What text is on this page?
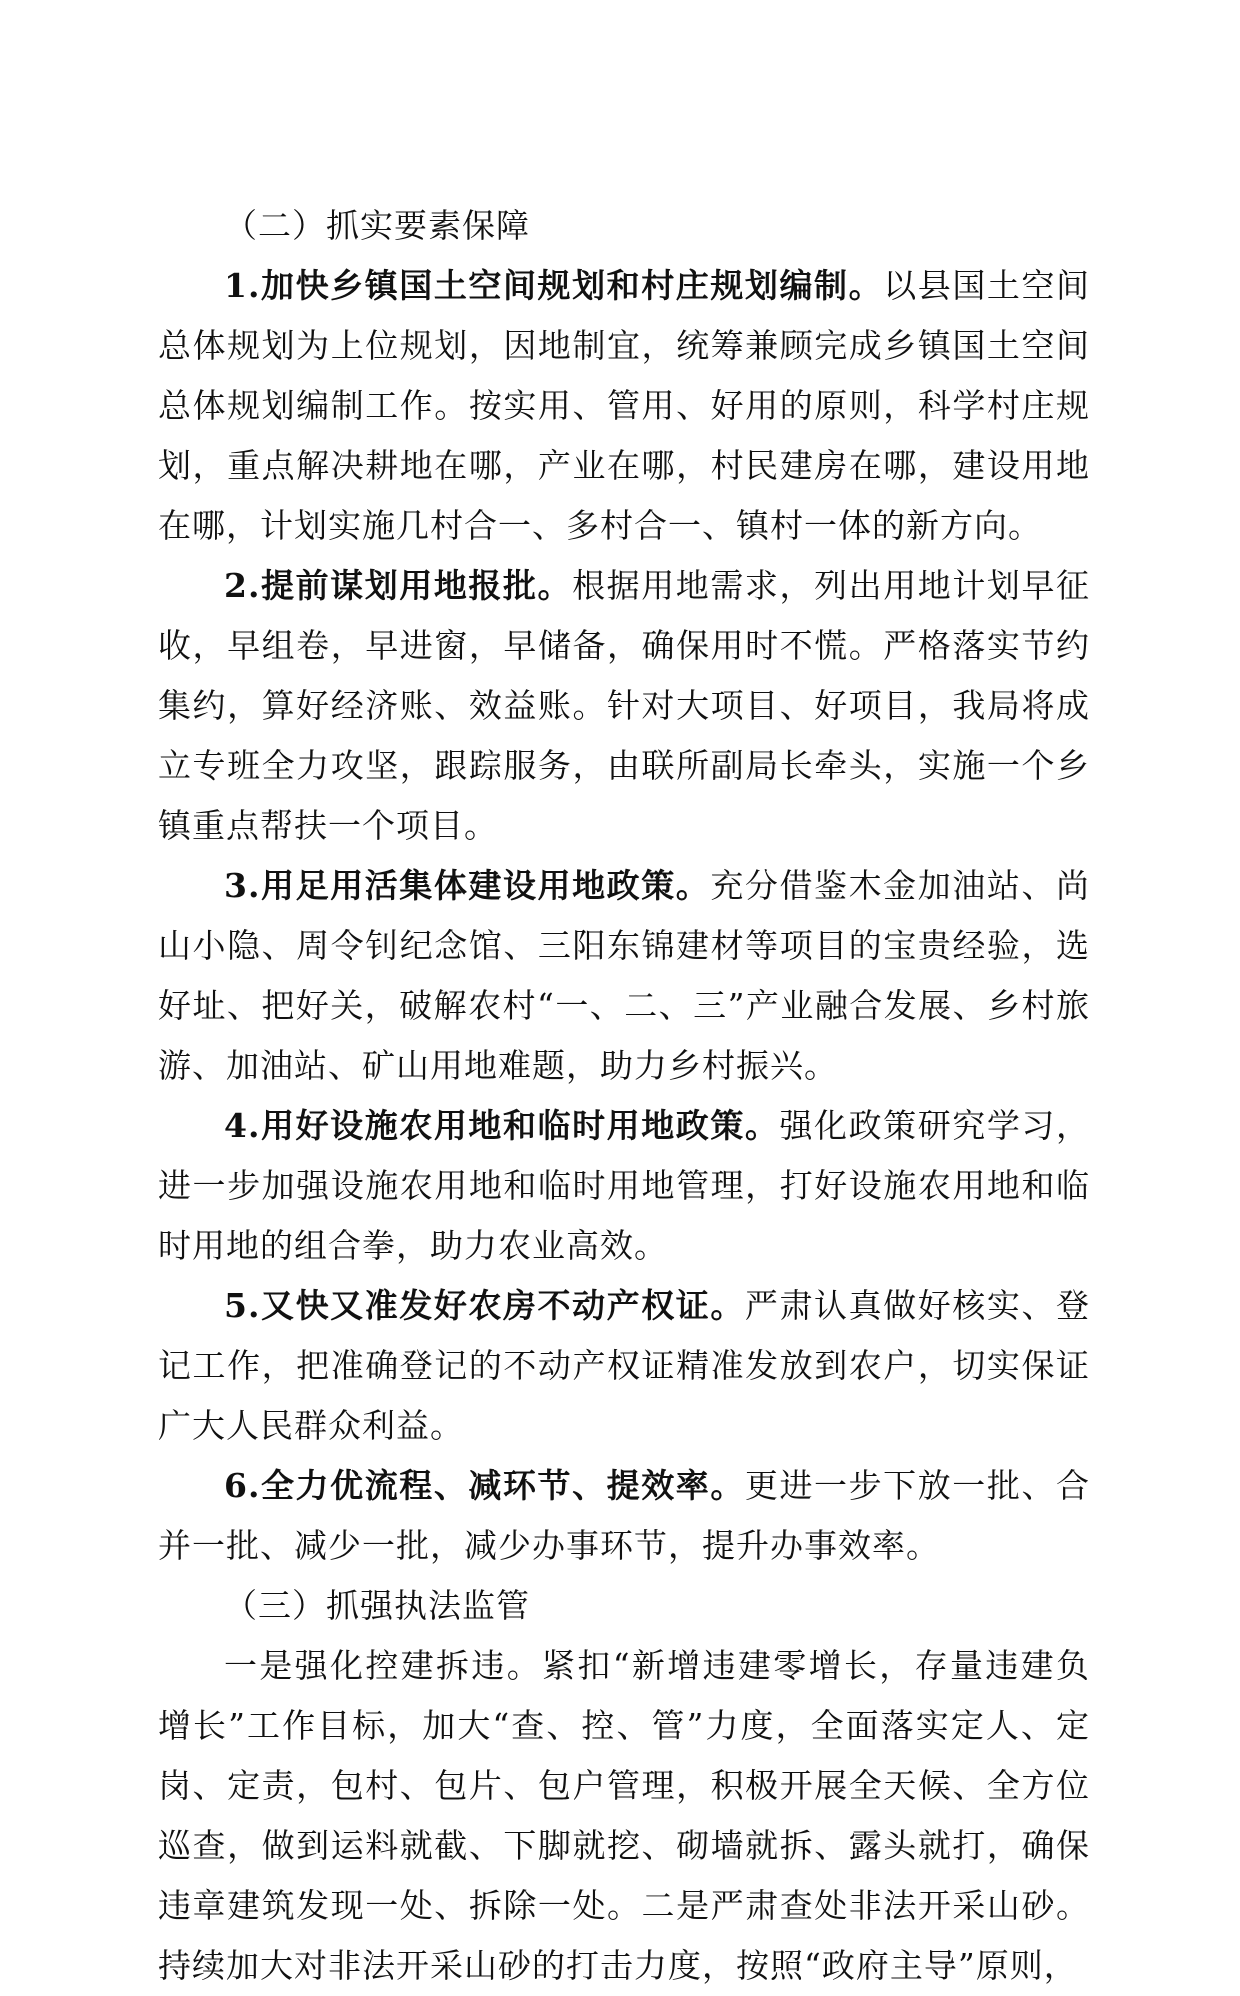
（二）抓实要素保障

1.加快乡镇国土空间规划和村庄规划编制。以县国土空间总体规划为上位规划，因地制宜，统筹兼顾完成乡镇国土空间总体规划编制工作。按实用、管用、好用的原则，科学村庄规划，重点解决耕地在哪，产业在哪，村民建房在哪，建设用地在哪，计划实施几村合一、多村合一、镇村一体的新方向。

2.提前谋划用地报批。根据用地需求，列出用地计划早征收，早组卷，早进窗，早储备，确保用时不慌。严格落实节约集约，算好经济账、效益账。针对大项目、好项目，我局将成立专班全力攻坚，跟踪服务，由联所副局长牵头，实施一个乡镇重点帮扶一个项目。

3.用足用活集体建设用地政策。充分借鉴木金加油站、尚山小隐、周令钊纪念馆、三阳东锦建材等项目的宝贵经验，选好址、把好关，破解农村“一、二、三”产业融合发展、乡村旅游、加油站、矿山用地难题，助力乡村振兴。

4.用好设施农用地和临时用地政策。强化政策研究学习，进一步加强设施农用地和临时用地管理，打好设施农用地和临时用地的组合拳，助力农业高效。

5.又快又准发好农房不动产权证。严肃认真做好核实、登记工作，把准确登记的不动产权证精准发放到农户，切实保证广大人民群众利益。

6.全力优流程、减环节、提效率。更进一步下放一批、合并一批、减少一批，减少办事环节，提升办事效率。

（三）抓强执法监管

一是强化控建拆违。紧扣“新增违建零增长，存量违建负增长”工作目标，加大“查、控、管”力度，全面落实定人、定岗、定责，包村、包片、包户管理，积极开展全天候、全方位巡查，做到运料就截、下脚就挖、砌墙就拆、露头就打，确保违章建筑发现一处、拆除一处。二是严肃查处非法开采山砂。持续加大对非法开采山砂的打击力度，按照“政府主导”原则，
